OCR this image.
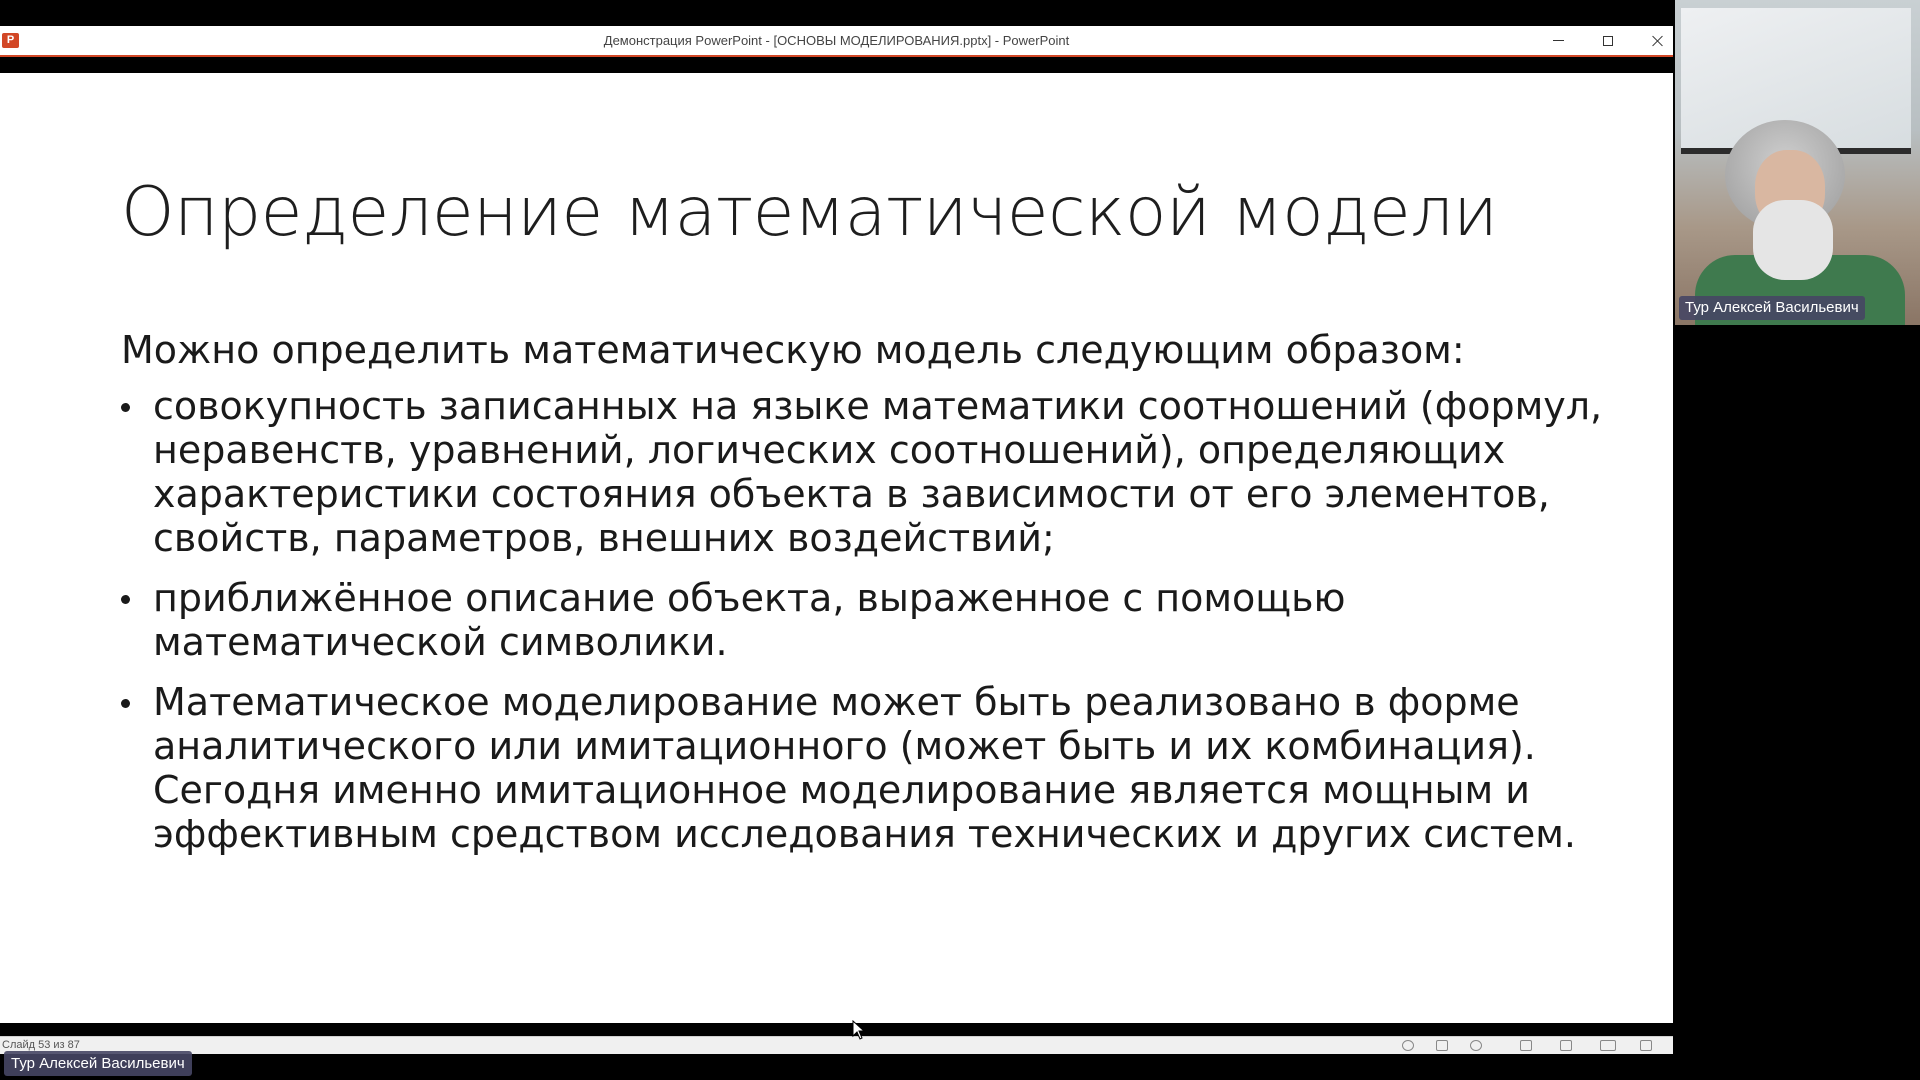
P	Демонстрация PowerPoint - [ОСНОВЫ МОДЕЛИРОВАНИЯ.pptx] - PowerPoint
Определение математической модели

Можно определить математическую модель следующим образом:

совокупность записанных на языке математики соотношений (формул,
неравенств, уравнений, логических соотношений), определяющих
характеристики состояния объекта в зависимости от его элементов,
свойств, параметров, внешних воздействий;
приближённое описание объекта, выраженное с помощью
математической символики.
Математическое моделирование может быть реализовано в форме
аналитического или имитационного (может быть и их комбинация).
Сегодня именно имитационное моделирование является мощным и
эффективным средством исследования технических и других систем.
Слайд 53 из 87
Тур Алексей Васильевич
Тур Алексей Васильевич
